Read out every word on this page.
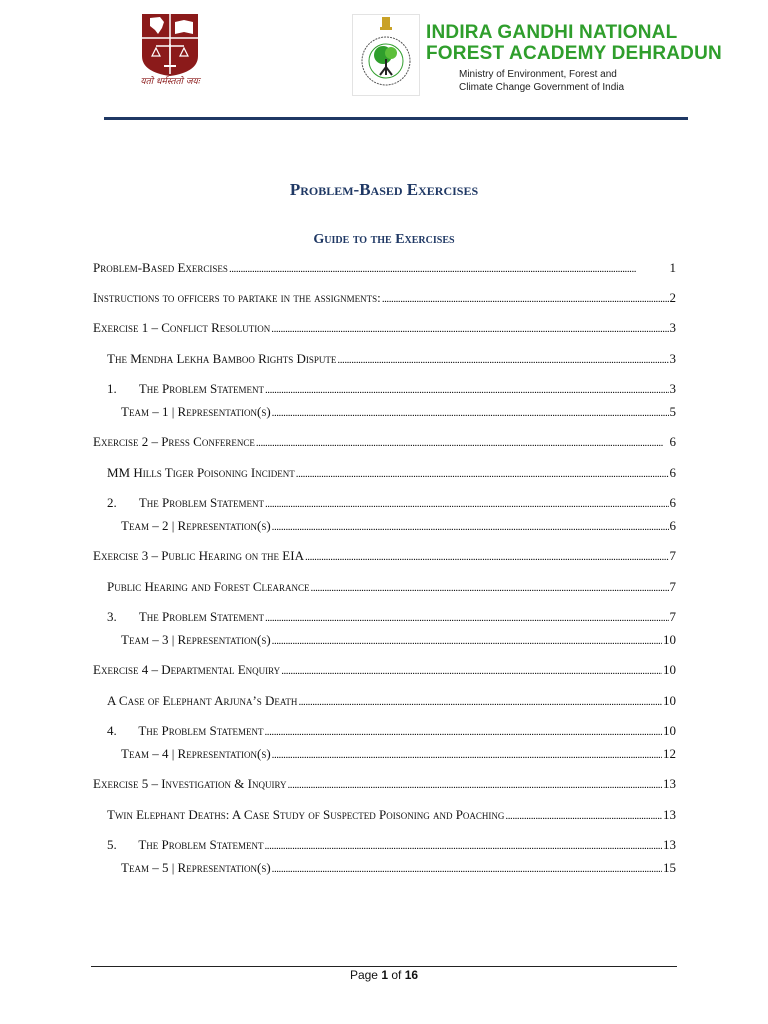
यतो धर्मस्ततो जयः
INDIRA GANDHI NATIONAL
FOREST ACADEMY DEHRADUN
Ministry of Environment, Forest and
Climate Change Government of India
Problem-Based Exercises
Guide to the Exercises
Problem-Based Exercises . . .	1
Instructions to officers to partake in the assignments: . . .	2
Exercise 1 – Conflict Resolution . . .	3
The Mendha Lekha Bamboo Rights Dispute . . .	3
1.	The Problem Statement . . .	3
Team – 1 | Representation(s) . . .	5
Exercise 2 – Press Conference . . .	6
MM Hills Tiger Poisoning Incident . . .	6
2.	The Problem Statement . . .	6
Team – 2 | Representation(s) . . .	6
Exercise 3 – Public Hearing on the EIA . . .	7
Public Hearing and Forest Clearance . . .	7
3.	The Problem Statement . . .	7
Team – 3 | Representation(s) . . .	10
Exercise 4 – Departmental Enquiry . . .	10
A Case of Elephant Arjuna’s Death . . .	10
4.	The Problem Statement . . .	10
Team – 4 | Representation(s) . . .	12
Exercise 5 – Investigation & Inquiry . . .	13
Twin Elephant Deaths: A Case Study of Suspected Poisoning and Poaching . . .	13
5.	The Problem Statement . . .	13
Team – 5 | Representation(s) . . .	15
Page 1 of 16
